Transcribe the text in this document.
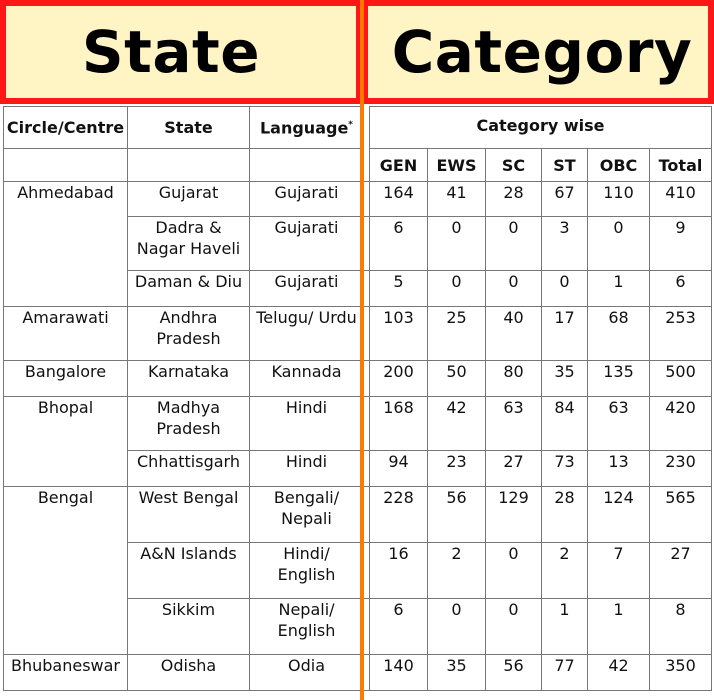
State Category
Circle/Centre	State	Language*		Category wise					
				GEN	EWS	SC	ST	OBC	Total
Ahmedabad	Gujarat	Gujarati		164	41	28	67	110	410
	Dadra & Nagar Haveli	Gujarati		6	0	0	3	0	9
	Daman & Diu	Gujarati		5	0	0	0	1	6
Amarawati	Andhra Pradesh	Telugu/ Urdu		103	25	40	17	68	253
Bangalore	Karnataka	Kannada		200	50	80	35	135	500
Bhopal	Madhya Pradesh	Hindi		168	42	63	84	63	420
	Chhattisgarh	Hindi		94	23	27	73	13	230
Bengal	West Bengal	Bengali/ Nepali		228	56	129	28	124	565
	A&N Islands	Hindi/ English		16	2	0	2	7	27
	Sikkim	Nepali/ English		6	0	0	1	1	8
Bhubaneswar	Odisha	Odia		140	35	56	77	42	350
